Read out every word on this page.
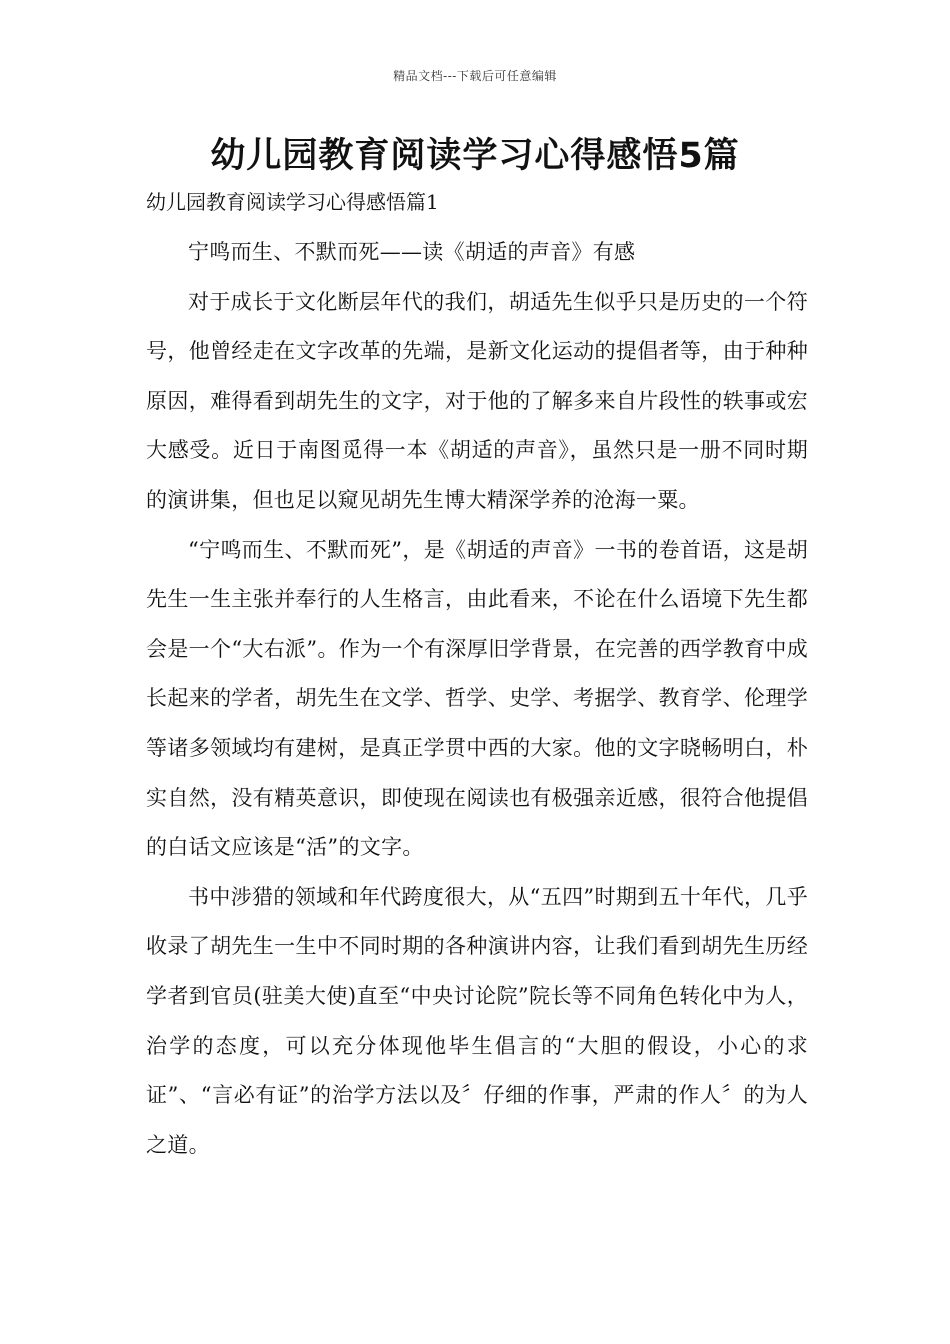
精品文档---下载后可任意编辑
幼儿园教育阅读学习心得感悟5篇
幼儿园教育阅读学习心得感悟篇1

宁鸣而生、不默而死——读《胡适的声音》有感

对于成长于文化断层年代的我们，胡适先生似乎只是历史的一个符号，他曾经走在文字改革的先端，是新文化运动的提倡者等，由于种种原因，难得看到胡先生的文字，对于他的了解多来自片段性的轶事或宏大感受。近日于南图觅得一本《胡适的声音》，虽然只是一册不同时期的演讲集，但也足以窥见胡先生博大精深学养的沧海一粟。

“宁鸣而生、不默而死”，是《胡适的声音》一书的卷首语，这是胡先生一生主张并奉行的人生格言，由此看来，不论在什么语境下先生都会是一个“大右派”。作为一个有深厚旧学背景，在完善的西学教育中成长起来的学者，胡先生在文学、哲学、史学、考据学、教育学、伦理学等诸多领域均有建树，是真正学贯中西的大家。他的文字晓畅明白，朴实自然，没有精英意识，即使现在阅读也有极强亲近感，很符合他提倡的白话文应该是“活”的文字。

书中涉猎的领域和年代跨度很大，从“五四”时期到五十年代，几乎收录了胡先生一生中不同时期的各种演讲内容，让我们看到胡先生历经学者到官员(驻美大使)直至“中央讨论院”院长等不同角色转化中为人，治学的态度，可以充分体现他毕生倡言的“大胆的假设，小心的求证”、“言必有证”的治学方法以及〞仔细的作事，严肃的作人〞的为人之道。
